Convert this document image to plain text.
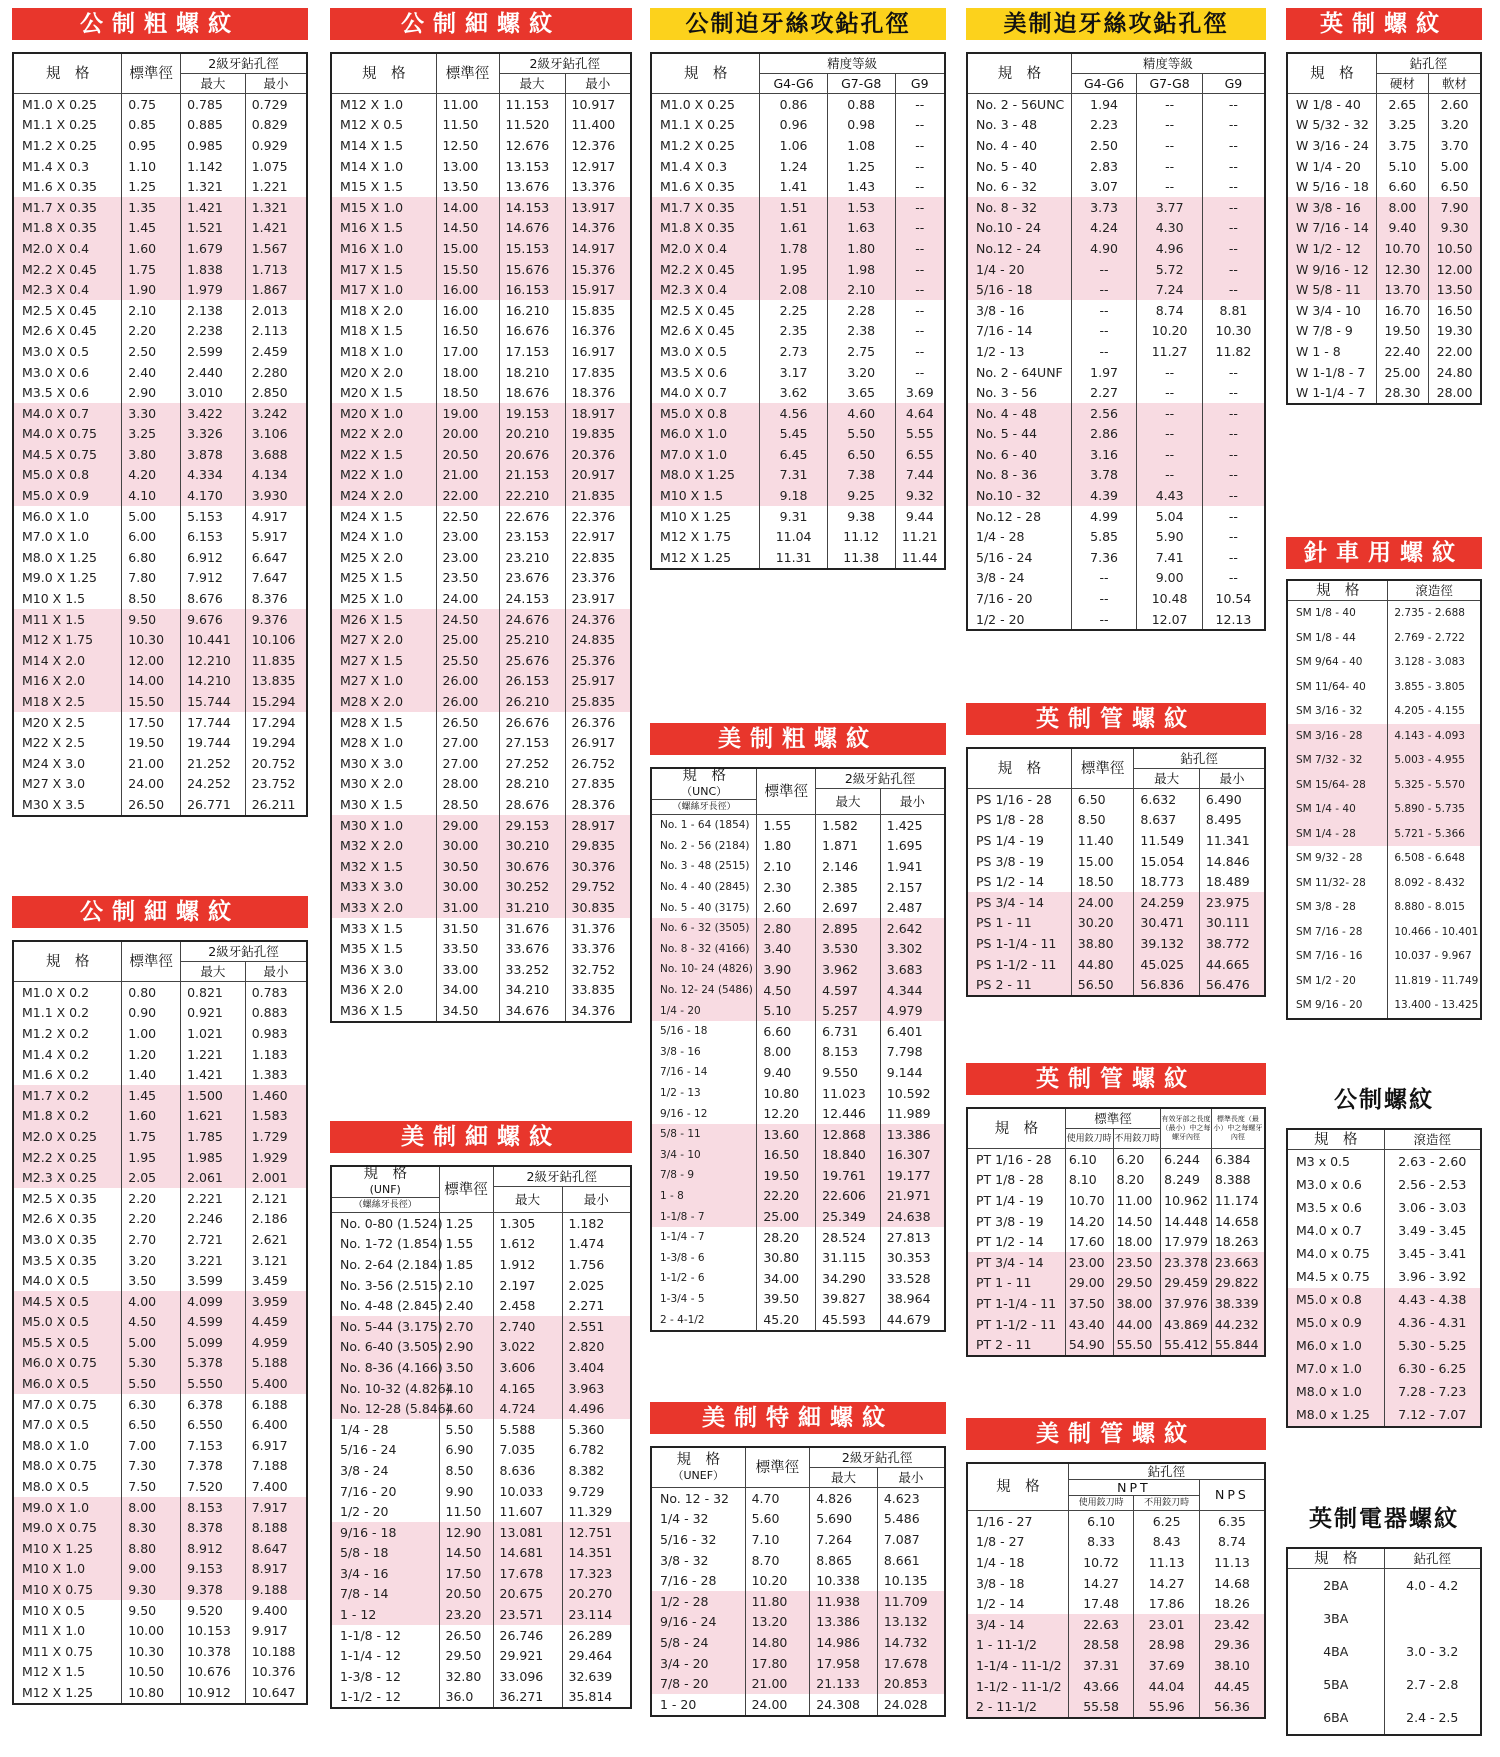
公制粗螺紋
規　格	標準徑	2級牙鉆孔徑	
		最大	最小
M1.0 X 0.25	0.75	0.785	0.729
M1.1 X 0.25	0.85	0.885	0.829
M1.2 X 0.25	0.95	0.985	0.929
M1.4 X 0.3	1.10	1.142	1.075
M1.6 X 0.35	1.25	1.321	1.221
M1.7 X 0.35	1.35	1.421	1.321
M1.8 X 0.35	1.45	1.521	1.421
M2.0 X 0.4	1.60	1.679	1.567
M2.2 X 0.45	1.75	1.838	1.713
M2.3 X 0.4	1.90	1.979	1.867
M2.5 X 0.45	2.10	2.138	2.013
M2.6 X 0.45	2.20	2.238	2.113
M3.0 X 0.5	2.50	2.599	2.459
M3.0 X 0.6	2.40	2.440	2.280
M3.5 X 0.6	2.90	3.010	2.850
M4.0 X 0.7	3.30	3.422	3.242
M4.0 X 0.75	3.25	3.326	3.106
M4.5 X 0.75	3.80	3.878	3.688
M5.0 X 0.8	4.20	4.334	4.134
M5.0 X 0.9	4.10	4.170	3.930
M6.0 X 1.0	5.00	5.153	4.917
M7.0 X 1.0	6.00	6.153	5.917
M8.0 X 1.25	6.80	6.912	6.647
M9.0 X 1.25	7.80	7.912	7.647
M10 X 1.5	8.50	8.676	8.376
M11 X 1.5	9.50	9.676	9.376
M12 X 1.75	10.30	10.441	10.106
M14 X 2.0	12.00	12.210	11.835
M16 X 2.0	14.00	14.210	13.835
M18 X 2.5	15.50	15.744	15.294
M20 X 2.5	17.50	17.744	17.294
M22 X 2.5	19.50	19.744	19.294
M24 X 3.0	21.00	21.252	20.752
M27 X 3.0	24.00	24.252	23.752
M30 X 3.5	26.50	26.771	26.211
公制細螺紋
規　格	標準徑	2級牙鉆孔徑	
		最大	最小
M1.0 X 0.2	0.80	0.821	0.783
M1.1 X 0.2	0.90	0.921	0.883
M1.2 X 0.2	1.00	1.021	0.983
M1.4 X 0.2	1.20	1.221	1.183
M1.6 X 0.2	1.40	1.421	1.383
M1.7 X 0.2	1.45	1.500	1.460
M1.8 X 0.2	1.60	1.621	1.583
M2.0 X 0.25	1.75	1.785	1.729
M2.2 X 0.25	1.95	1.985	1.929
M2.3 X 0.25	2.05	2.061	2.001
M2.5 X 0.35	2.20	2.221	2.121
M2.6 X 0.35	2.20	2.246	2.186
M3.0 X 0.35	2.70	2.721	2.621
M3.5 X 0.35	3.20	3.221	3.121
M4.0 X 0.5	3.50	3.599	3.459
M4.5 X 0.5	4.00	4.099	3.959
M5.0 X 0.5	4.50	4.599	4.459
M5.5 X 0.5	5.00	5.099	4.959
M6.0 X 0.75	5.30	5.378	5.188
M6.0 X 0.5	5.50	5.550	5.400
M7.0 X 0.75	6.30	6.378	6.188
M7.0 X 0.5	6.50	6.550	6.400
M8.0 X 1.0	7.00	7.153	6.917
M8.0 X 0.75	7.30	7.378	7.188
M8.0 X 0.5	7.50	7.520	7.400
M9.0 X 1.0	8.00	8.153	7.917
M9.0 X 0.75	8.30	8.378	8.188
M10 X 1.25	8.80	8.912	8.647
M10 X 1.0	9.00	9.153	8.917
M10 X 0.75	9.30	9.378	9.188
M10 X 0.5	9.50	9.520	9.400
M11 X 1.0	10.00	10.153	9.917
M11 X 0.75	10.30	10.378	10.188
M12 X 1.5	10.50	10.676	10.376
M12 X 1.25	10.80	10.912	10.647
公制細螺紋
規　格	標準徑	2級牙鉆孔徑	
		最大	最小
M12 X 1.0	11.00	11.153	10.917
M12 X 0.5	11.50	11.520	11.400
M14 X 1.5	12.50	12.676	12.376
M14 X 1.0	13.00	13.153	12.917
M15 X 1.5	13.50	13.676	13.376
M15 X 1.0	14.00	14.153	13.917
M16 X 1.5	14.50	14.676	14.376
M16 X 1.0	15.00	15.153	14.917
M17 X 1.5	15.50	15.676	15.376
M17 X 1.0	16.00	16.153	15.917
M18 X 2.0	16.00	16.210	15.835
M18 X 1.5	16.50	16.676	16.376
M18 X 1.0	17.00	17.153	16.917
M20 X 2.0	18.00	18.210	17.835
M20 X 1.5	18.50	18.676	18.376
M20 X 1.0	19.00	19.153	18.917
M22 X 2.0	20.00	20.210	19.835
M22 X 1.5	20.50	20.676	20.376
M22 X 1.0	21.00	21.153	20.917
M24 X 2.0	22.00	22.210	21.835
M24 X 1.5	22.50	22.676	22.376
M24 X 1.0	23.00	23.153	22.917
M25 X 2.0	23.00	23.210	22.835
M25 X 1.5	23.50	23.676	23.376
M25 X 1.0	24.00	24.153	23.917
M26 X 1.5	24.50	24.676	24.376
M27 X 2.0	25.00	25.210	24.835
M27 X 1.5	25.50	25.676	25.376
M27 X 1.0	26.00	26.153	25.917
M28 X 2.0	26.00	26.210	25.835
M28 X 1.5	26.50	26.676	26.376
M28 X 1.0	27.00	27.153	26.917
M30 X 3.0	27.00	27.252	26.752
M30 X 2.0	28.00	28.210	27.835
M30 X 1.5	28.50	28.676	28.376
M30 X 1.0	29.00	29.153	28.917
M32 X 2.0	30.00	30.210	29.835
M32 X 1.5	30.50	30.676	30.376
M33 X 3.0	30.00	30.252	29.752
M33 X 2.0	31.00	31.210	30.835
M33 X 1.5	31.50	31.676	31.376
M35 X 1.5	33.50	33.676	33.376
M36 X 3.0	33.00	33.252	32.752
M36 X 2.0	34.00	34.210	33.835
M36 X 1.5	34.50	34.676	34.376
美制細螺紋
規　格
(UNF)	標準徑	2級牙鉆孔徑	
		最大	最小
（螺絲牙長徑）			
No. 0-80 (1.524)	1.25	1.305	1.182
No. 1-72 (1.854)	1.55	1.612	1.474
No. 2-64 (2.184)	1.85	1.912	1.756
No. 3-56 (2.515)	2.10	2.197	2.025
No. 4-48 (2.845)	2.40	2.458	2.271
No. 5-44 (3.175)	2.70	2.740	2.551
No. 6-40 (3.505)	2.90	3.022	2.820
No. 8-36 (4.166)	3.50	3.606	3.404
No. 10-32 (4.826)	4.10	4.165	3.963
No. 12-28 (5.846)	4.60	4.724	4.496
1/4 - 28	5.50	5.588	5.360
5/16 - 24	6.90	7.035	6.782
3/8 - 24	8.50	8.636	8.382
7/16 - 20	9.90	10.033	9.729
1/2 - 20	11.50	11.607	11.329
9/16 - 18	12.90	13.081	12.751
5/8 - 18	14.50	14.681	14.351
3/4 - 16	17.50	17.678	17.323
7/8 - 14	20.50	20.675	20.270
1 - 12	23.20	23.571	23.114
1-1/8 - 12	26.50	26.746	26.289
1-1/4 - 12	29.50	29.921	29.464
1-3/8 - 12	32.80	33.096	32.639
1-1/2 - 12	36.0	36.271	35.814
公制迫牙絲攻鉆孔徑
規　格	精度等級		
	G4-G6	G7-G8	G9
M1.0 X 0.25	0.86	0.88	--
M1.1 X 0.25	0.96	0.98	--
M1.2 X 0.25	1.06	1.08	--
M1.4 X 0.3	1.24	1.25	--
M1.6 X 0.35	1.41	1.43	--
M1.7 X 0.35	1.51	1.53	--
M1.8 X 0.35	1.61	1.63	--
M2.0 X 0.4	1.78	1.80	--
M2.2 X 0.45	1.95	1.98	--
M2.3 X 0.4	2.08	2.10	--
M2.5 X 0.45	2.25	2.28	--
M2.6 X 0.45	2.35	2.38	--
M3.0 X 0.5	2.73	2.75	--
M3.5 X 0.6	3.17	3.20	--
M4.0 X 0.7	3.62	3.65	3.69
M5.0 X 0.8	4.56	4.60	4.64
M6.0 X 1.0	5.45	5.50	5.55
M7.0 X 1.0	6.45	6.50	6.55
M8.0 X 1.25	7.31	7.38	7.44
M10 X 1.5	9.18	9.25	9.32
M10 X 1.25	9.31	9.38	9.44
M12 X 1.75	11.04	11.12	11.21
M12 X 1.25	11.31	11.38	11.44
美制粗螺紋
規　格
（UNC）	標準徑	2級牙鉆孔徑	
		最大	最小
（螺絲牙長徑）			
No. 1 - 64 (1854)	1.55	1.582	1.425
No. 2 - 56 (2184)	1.80	1.871	1.695
No. 3 - 48 (2515)	2.10	2.146	1.941
No. 4 - 40 (2845)	2.30	2.385	2.157
No. 5 - 40 (3175)	2.60	2.697	2.487
No. 6 - 32 (3505)	2.80	2.895	2.642
No. 8 - 32 (4166)	3.40	3.530	3.302
No. 10- 24 (4826)	3.90	3.962	3.683
No. 12- 24 (5486)	4.50	4.597	4.344
1/4 - 20	5.10	5.257	4.979
5/16 - 18	6.60	6.731	6.401
3/8 - 16	8.00	8.153	7.798
7/16 - 14	9.40	9.550	9.144
1/2 - 13	10.80	11.023	10.592
9/16 - 12	12.20	12.446	11.989
5/8 - 11	13.60	12.868	13.386
3/4 - 10	16.50	18.840	16.307
7/8 - 9	19.50	19.761	19.177
1 - 8	22.20	22.606	21.971
1-1/8 - 7	25.00	25.349	24.638
1-1/4 - 7	28.20	28.524	27.813
1-3/8 - 6	30.80	31.115	30.353
1-1/2 - 6	34.00	34.290	33.528
1-3/4 - 5	39.50	39.827	38.964
2 - 4-1/2	45.20	45.593	44.679
美制特細螺紋
規　格
（UNEF）	標準徑	2級牙鉆孔徑	
		最大	最小
No. 12 - 32	4.70	4.826	4.623
1/4 - 32	5.60	5.690	5.486
5/16 - 32	7.10	7.264	7.087
3/8 - 32	8.70	8.865	8.661
7/16 - 28	10.20	10.338	10.135
1/2 - 28	11.80	11.938	11.709
9/16 - 24	13.20	13.386	13.132
5/8 - 24	14.80	14.986	14.732
3/4 - 20	17.80	17.958	17.678
7/8 - 20	21.00	21.133	20.853
1 - 20	24.00	24.308	24.028
美制迫牙絲攻鉆孔徑
規　格	精度等級		
	G4-G6	G7-G8	G9
No. 2 - 56UNC	1.94	--	--
No. 3 - 48	2.23	--	--
No. 4 - 40	2.50	--	--
No. 5 - 40	2.83	--	--
No. 6 - 32	3.07	--	--
No. 8 - 32	3.73	3.77	--
No.10 - 24	4.24	4.30	--
No.12 - 24	4.90	4.96	--
1/4 - 20	--	5.72	--
5/16 - 18	--	7.24	--
3/8 - 16	--	8.74	8.81
7/16 - 14	--	10.20	10.30
1/2 - 13	--	11.27	11.82
No. 2 - 64UNF	1.97	--	--
No. 3 - 56	2.27	--	--
No. 4 - 48	2.56	--	--
No. 5 - 44	2.86	--	--
No. 6 - 40	3.16	--	--
No. 8 - 36	3.78	--	--
No.10 - 32	4.39	4.43	--
No.12 - 28	4.99	5.04	--
1/4 - 28	5.85	5.90	--
5/16 - 24	7.36	7.41	--
3/8 - 24	--	9.00	--
7/16 - 20	--	10.48	10.54
1/2 - 20	--	12.07	12.13
英制管螺紋
規　格	標準徑	鉆孔徑	
		最大	最小
PS 1/16 - 28	6.50	6.632	6.490
PS 1/8 - 28	8.50	8.637	8.495
PS 1/4 - 19	11.40	11.549	11.341
PS 3/8 - 19	15.00	15.054	14.846
PS 1/2 - 14	18.50	18.773	18.489
PS 3/4 - 14	24.00	24.259	23.975
PS 1 - 11	30.20	30.471	30.111
PS 1-1/4 - 11	38.80	39.132	38.772
PS 1-1/2 - 11	44.80	45.025	44.665
PS 2 - 11	56.50	56.836	56.476
英制管螺紋
規　格	標準徑		有效牙部之長度（最小）中之每螺牙內徑	標準長度（最小）中之每螺牙內徑
	使用鉸刀時	不用鉸刀時		
PT 1/16 - 28	6.10	6.20	6.244	6.384
PT 1/8 - 28	8.10	8.20	8.249	8.388
PT 1/4 - 19	10.70	11.00	10.962	11.174
PT 3/8 - 19	14.20	14.50	14.448	14.658
PT 1/2 - 14	17.60	18.00	17.979	18.263
PT 3/4 - 14	23.00	23.50	23.378	23.663
PT 1 - 11	29.00	29.50	29.459	29.822
PT 1-1/4 - 11	37.50	38.00	37.976	38.339
PT 1-1/2 - 11	43.40	44.00	43.869	44.232
PT 2 - 11	54.90	55.50	55.412	55.844
美制管螺紋
規　格	鉆孔徑		
	NPT		NPS
	使用鉸刀時	不用鉸刀時	
1/16 - 27	6.10	6.25	6.35
1/8 - 27	8.33	8.43	8.74
1/4 - 18	10.72	11.13	11.13
3/8 - 18	14.27	14.27	14.68
1/2 - 14	17.48	17.86	18.26
3/4 - 14	22.63	23.01	23.42
1 - 11-1/2	28.58	28.98	29.36
1-1/4 - 11-1/2	37.31	37.69	38.10
1-1/2 - 11-1/2	43.66	44.04	44.45
2 - 11-1/2	55.58	55.96	56.36
英制螺紋
規　格	鉆孔徑	
	硬材	軟材
W 1/8 - 40	2.65	2.60
W 5/32 - 32	3.25	3.20
W 3/16 - 24	3.75	3.70
W 1/4 - 20	5.10	5.00
W 5/16 - 18	6.60	6.50
W 3/8 - 16	8.00	7.90
W 7/16 - 14	9.40	9.30
W 1/2 - 12	10.70	10.50
W 9/16 - 12	12.30	12.00
W 5/8 - 11	13.70	13.50
W 3/4 - 10	16.70	16.50
W 7/8 - 9	19.50	19.30
W 1 - 8	22.40	22.00
W 1-1/8 - 7	25.00	24.80
W 1-1/4 - 7	28.30	28.00
針車用螺紋
規　格	滾造徑
SM 1/8 - 40	2.735 - 2.688
SM 1/8 - 44	2.769 - 2.722
SM 9/64 - 40	3.128 - 3.083
SM 11/64- 40	3.855 - 3.805
SM 3/16 - 32	4.205 - 4.155
SM 3/16 - 28	4.143 - 4.093
SM 7/32 - 32	5.003 - 4.955
SM 15/64- 28	5.325 - 5.570
SM 1/4 - 40	5.890 - 5.735
SM 1/4 - 28	5.721 - 5.366
SM 9/32 - 28	6.508 - 6.648
SM 11/32- 28	8.092 - 8.432
SM 3/8 - 28	8.880 - 8.015
SM 7/16 - 28	10.466 - 10.401
SM 7/16 - 16	10.037 - 9.967
SM 1/2 - 20	11.819 - 11.749
SM 9/16 - 20	13.400 - 13.425
公制螺紋
規　格	滾造徑
M3 x 0.5	2.63 - 2.60
M3.0 x 0.6	2.56 - 2.53
M3.5 x 0.6	3.06 - 3.03
M4.0 x 0.7	3.49 - 3.45
M4.0 x 0.75	3.45 - 3.41
M4.5 x 0.75	3.96 - 3.92
M5.0 x 0.8	4.43 - 4.38
M5.0 x 0.9	4.36 - 4.31
M6.0 x 1.0	5.30 - 5.25
M7.0 x 1.0	6.30 - 6.25
M8.0 x 1.0	7.28 - 7.23
M8.0 x 1.25	7.12 - 7.07
英制電器螺紋
規　格	鉆孔徑
2BA	4.0 - 4.2
3BA	
4BA	3.0 - 3.2
5BA	2.7 - 2.8
6BA	2.4 - 2.5
